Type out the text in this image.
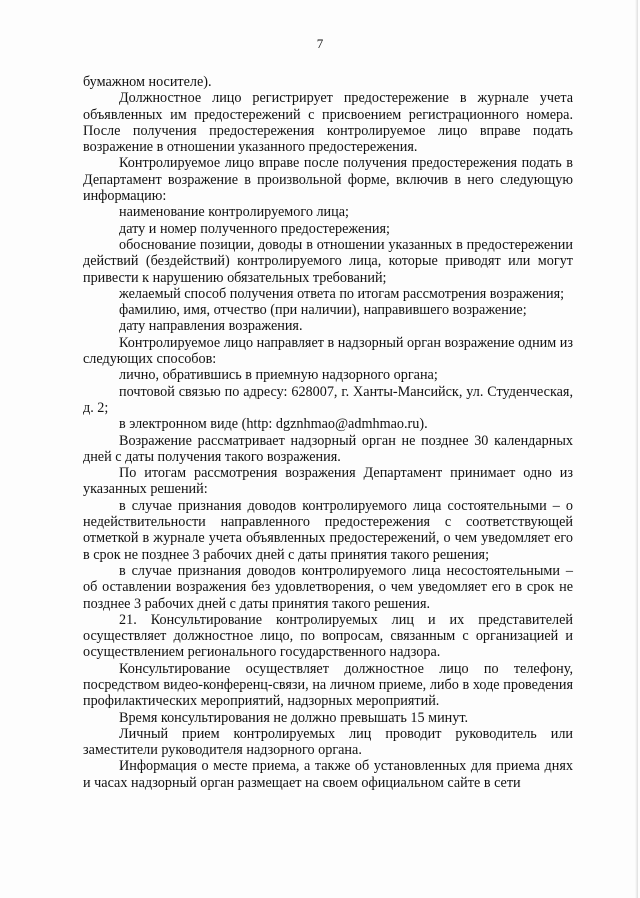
7

бумажном носителе).

Должностное лицо регистрирует предостережение в журнале учета объявленных им предостережений с присвоением регистрационного номера. После получения предостережения контролируемое лицо вправе подать возражение в отношении указанного предостережения.

Контролируемое лицо вправе после получения предостережения подать в Департамент возражение в произвольной форме, включив в него следующую информацию:

наименование контролируемого лица;

дату и номер полученного предостережения;

обоснование позиции, доводы в отношении указанных в предостережении действий (бездействий) контролируемого лица, которые приводят или могут привести к нарушению обязательных требований;

желаемый способ получения ответа по итогам рассмотрения возражения;

фамилию, имя, отчество (при наличии), направившего возражение;

дату направления возражения.

Контролируемое лицо направляет в надзорный орган возражение одним из следующих способов:

лично, обратившись в приемную надзорного органа;

почтовой связью по адресу: 628007, г. Ханты-Мансийск, ул. Студенческая, д. 2;

в электронном виде (http: dgznhmao@admhmao.ru).

Возражение рассматривает надзорный орган не позднее 30 календарных дней с даты получения такого возражения.

По итогам рассмотрения возражения Департамент принимает одно из указанных решений:

в случае признания доводов контролируемого лица состоятельными – о недействительности направленного предостережения с соответствующей отметкой в журнале учета объявленных предостережений, о чем уведомляет его в срок не позднее 3 рабочих дней с даты принятия такого решения;

в случае признания доводов контролируемого лица несостоятельными – об оставлении возражения без удовлетворения, о чем уведомляет его в срок не позднее 3 рабочих дней с даты принятия такого решения.

21. Консультирование контролируемых лиц и их представителей осуществляет должностное лицо, по вопросам, связанным с организацией и осуществлением регионального государственного надзора.

Консультирование осуществляет должностное лицо по телефону, посредством видео-конференц-связи, на личном приеме, либо в ходе проведения профилактических мероприятий, надзорных мероприятий.

Время консультирования не должно превышать 15 минут.

Личный прием контролируемых лиц проводит руководитель или заместители руководителя надзорного органа.

Информация о месте приема, а также об установленных для приема днях и часах надзорный орган размещает на своем официальном сайте в сети
